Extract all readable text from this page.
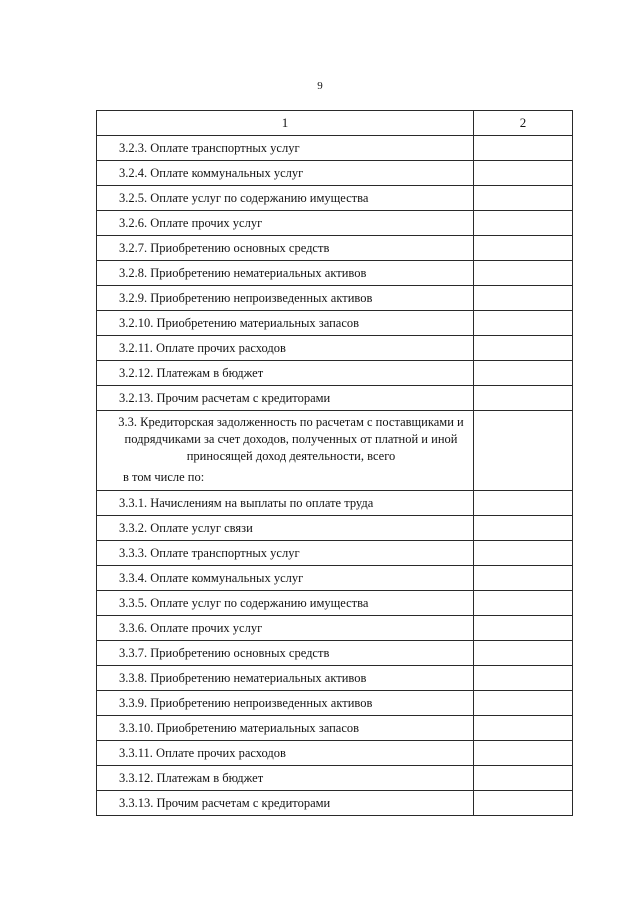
9
1	2
3.2.3. Оплате транспортных услуг	
3.2.4. Оплате коммунальных услуг	
3.2.5. Оплате услуг по содержанию имущества	
3.2.6. Оплате прочих услуг	
3.2.7. Приобретению основных средств	
3.2.8. Приобретению нематериальных активов	
3.2.9. Приобретению непроизведенных активов	
3.2.10. Приобретению материальных запасов	
3.2.11. Оплате прочих расходов	
3.2.12. Платежам в бюджет	
3.2.13. Прочим расчетам с кредиторами	

3.3. Кредиторская задолженность по расчетам с поставщиками и подрядчиками за счет доходов, полученных от платной и иной приносящей доход деятельности, всего
в том числе по:	

3.3.1. Начислениям на выплаты по оплате труда	
3.3.2. Оплате услуг связи	
3.3.3. Оплате транспортных услуг	
3.3.4. Оплате коммунальных услуг	
3.3.5. Оплате услуг по содержанию имущества	
3.3.6. Оплате прочих услуг	
3.3.7. Приобретению основных средств	
3.3.8. Приобретению нематериальных активов	
3.3.9. Приобретению непроизведенных активов	
3.3.10. Приобретению материальных запасов	
3.3.11. Оплате прочих расходов	
3.3.12. Платежам в бюджет	
3.3.13. Прочим расчетам с кредиторами	
